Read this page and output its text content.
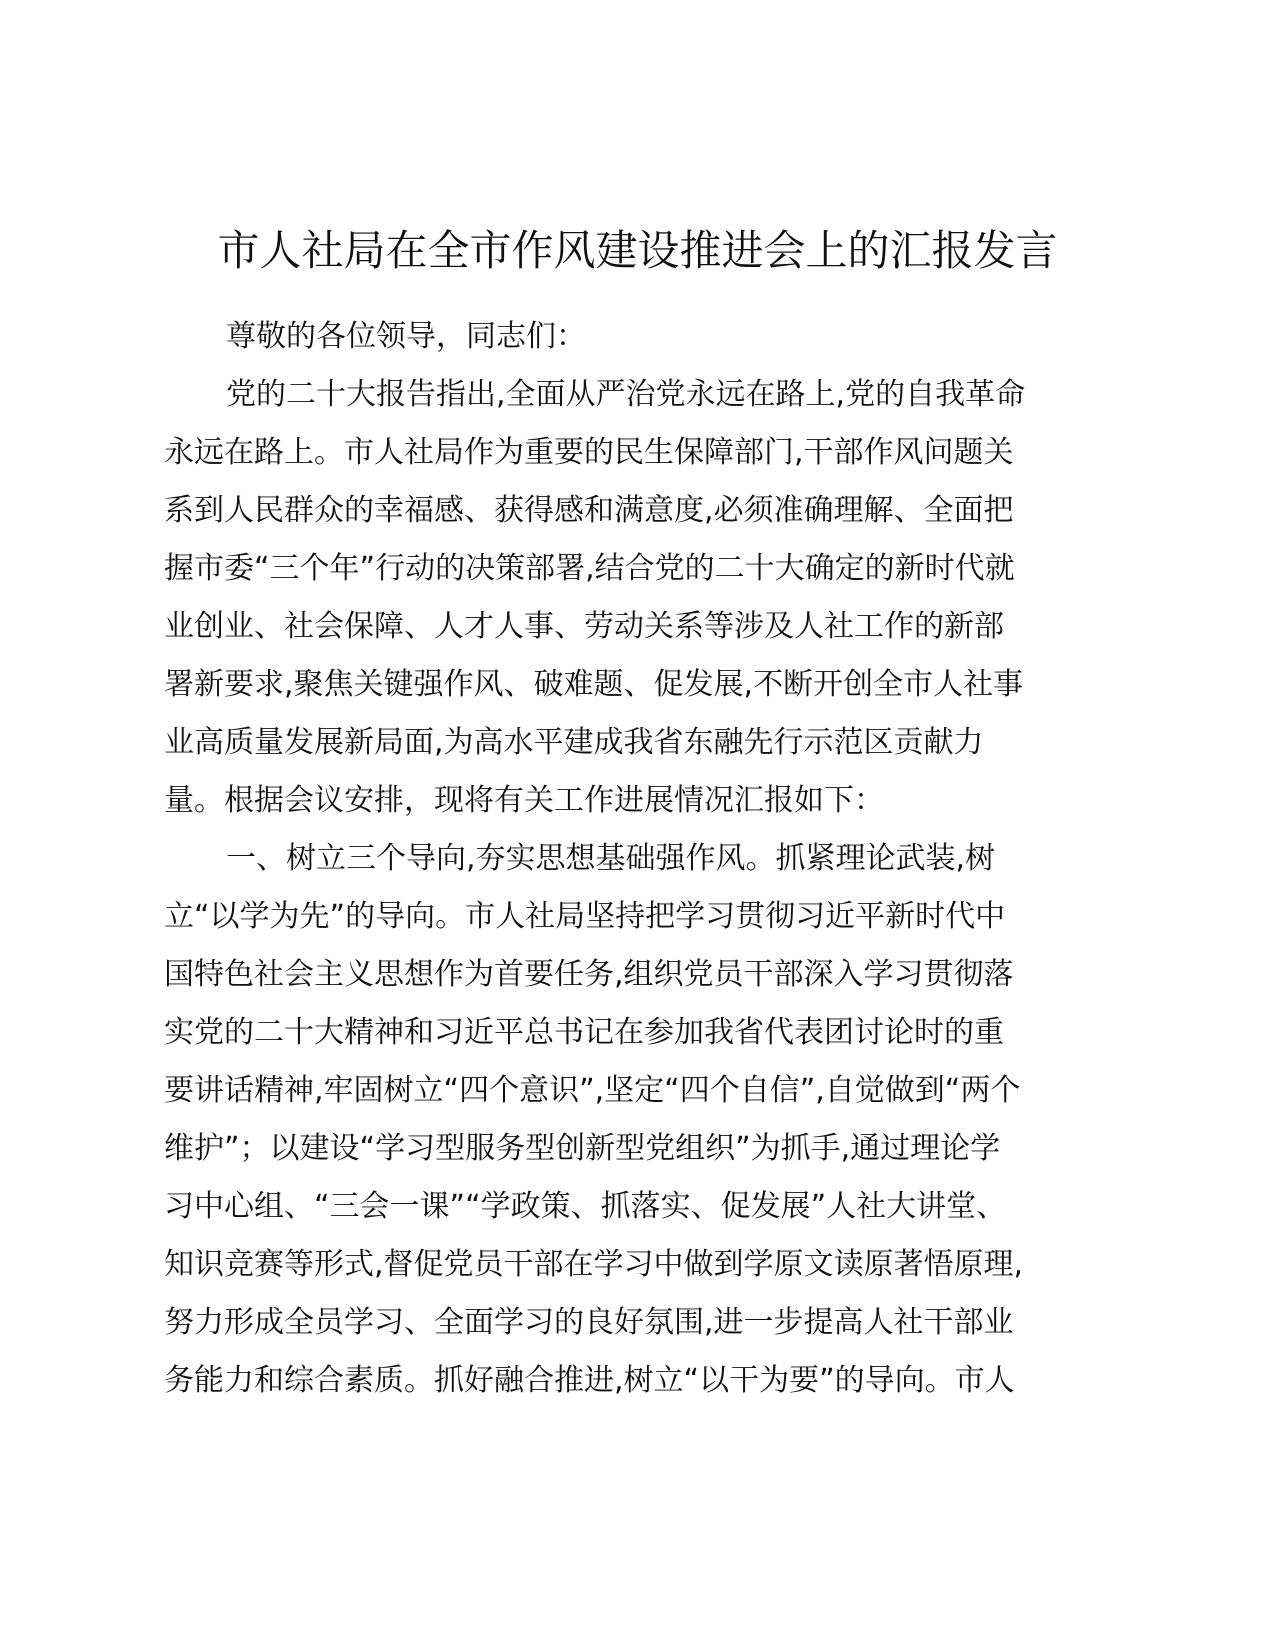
市人社局在全市作风建设推进会上的汇报发言
尊敬的各位领导，同志们：
党的二十大报告指出,全面从严治党永远在路上,党的自我革命
永远在路上。市人社局作为重要的民生保障部门,干部作风问题关
系到人民群众的幸福感、获得感和满意度,必须准确理解、全面把
握市委“三个年”行动的决策部署,结合党的二十大确定的新时代就
业创业、社会保障、人才人事、劳动关系等涉及人社工作的新部
署新要求,聚焦关键强作风、破难题、促发展,不断开创全市人社事
业高质量发展新局面,为高水平建成我省东融先行示范区贡献力
量。根据会议安排，现将有关工作进展情况汇报如下：
一、树立三个导向,夯实思想基础强作风。抓紧理论武装,树
立“以学为先”的导向。市人社局坚持把学习贯彻习近平新时代中
国特色社会主义思想作为首要任务,组织党员干部深入学习贯彻落
实党的二十大精神和习近平总书记在参加我省代表团讨论时的重
要讲话精神,牢固树立“四个意识”,坚定“四个自信”,自觉做到“两个
维护”；以建设“学习型服务型创新型党组织”为抓手,通过理论学
习中心组、“三会一课”“学政策、抓落实、促发展”人社大讲堂、
知识竞赛等形式,督促党员干部在学习中做到学原文读原著悟原理,
努力形成全员学习、全面学习的良好氛围,进一步提高人社干部业
务能力和综合素质。抓好融合推进,树立“以干为要”的导向。市人
